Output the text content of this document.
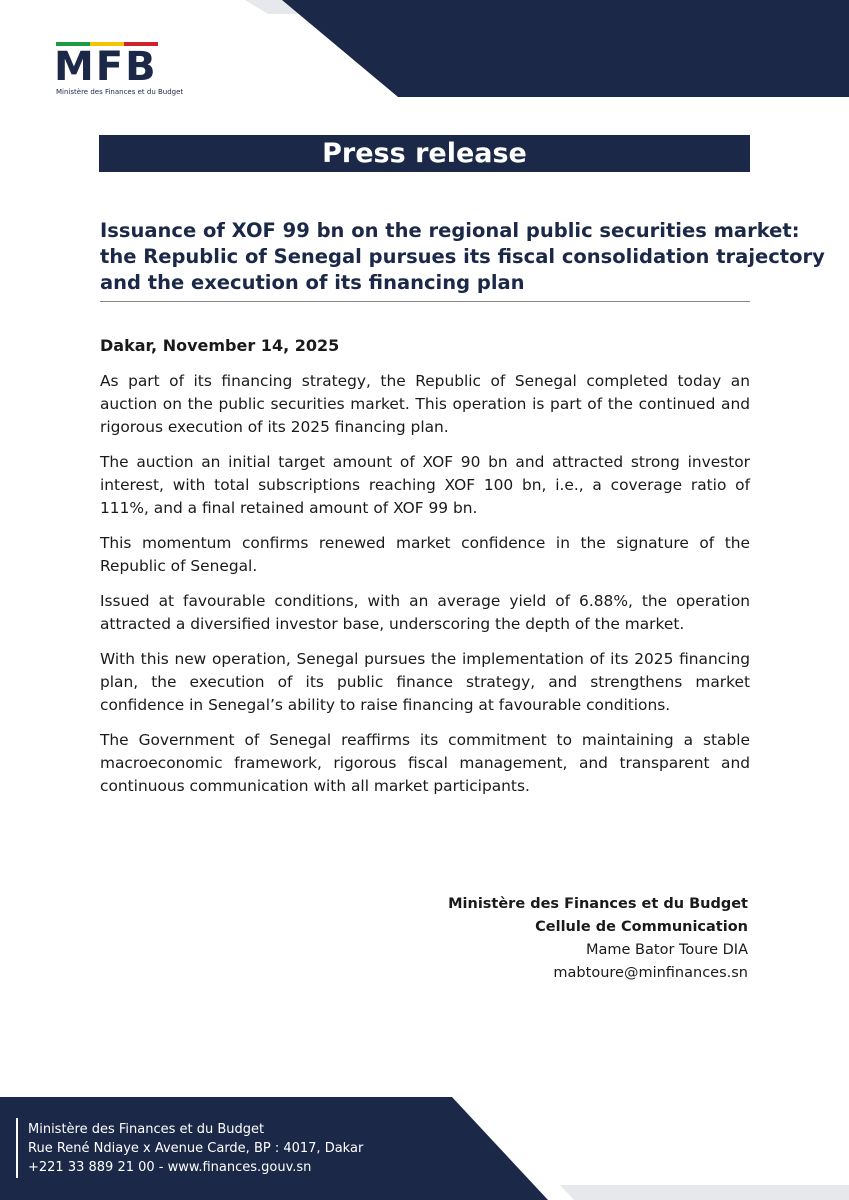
MFB
Ministère des Finances et du Budget
Press release
Issuance of XOF 99 bn on the regional public securities market:
the Republic of Senegal pursues its fiscal consolidation trajectory
and the execution of its financing plan
Dakar, November 14, 2025

As part of its financing strategy, the Republic of Senegal completed today an auction on the public securities market. This operation is part of the continued and rigorous execution of its 2025 financing plan.

The auction an initial target amount of XOF 90 bn and attracted strong investor interest, with total subscriptions reaching XOF 100 bn, i.e., a coverage ratio of 111%, and a final retained amount of XOF 99 bn.

This momentum confirms renewed market confidence in the signature of the Republic of Senegal.

Issued at favourable conditions, with an average yield of 6.88%, the operation attracted a diversified investor base, underscoring the depth of the market.

With this new operation, Senegal pursues the implementation of its 2025 financing plan, the execution of its public finance strategy, and strengthens market confidence in Senegal’s ability to raise financing at favourable conditions.

The Government of Senegal reaffirms its commitment to maintaining a stable macroeconomic framework, rigorous fiscal management, and transparent and continuous communication with all market participants.

Ministère des Finances et du Budget
Cellule de Communication
Mame Bator Toure DIA
mabtoure@minfinances.sn
Ministère des Finances et du Budget
Rue René Ndiaye x Avenue Carde, BP : 4017, Dakar
+221 33 889 21 00 - www.finances.gouv.sn
